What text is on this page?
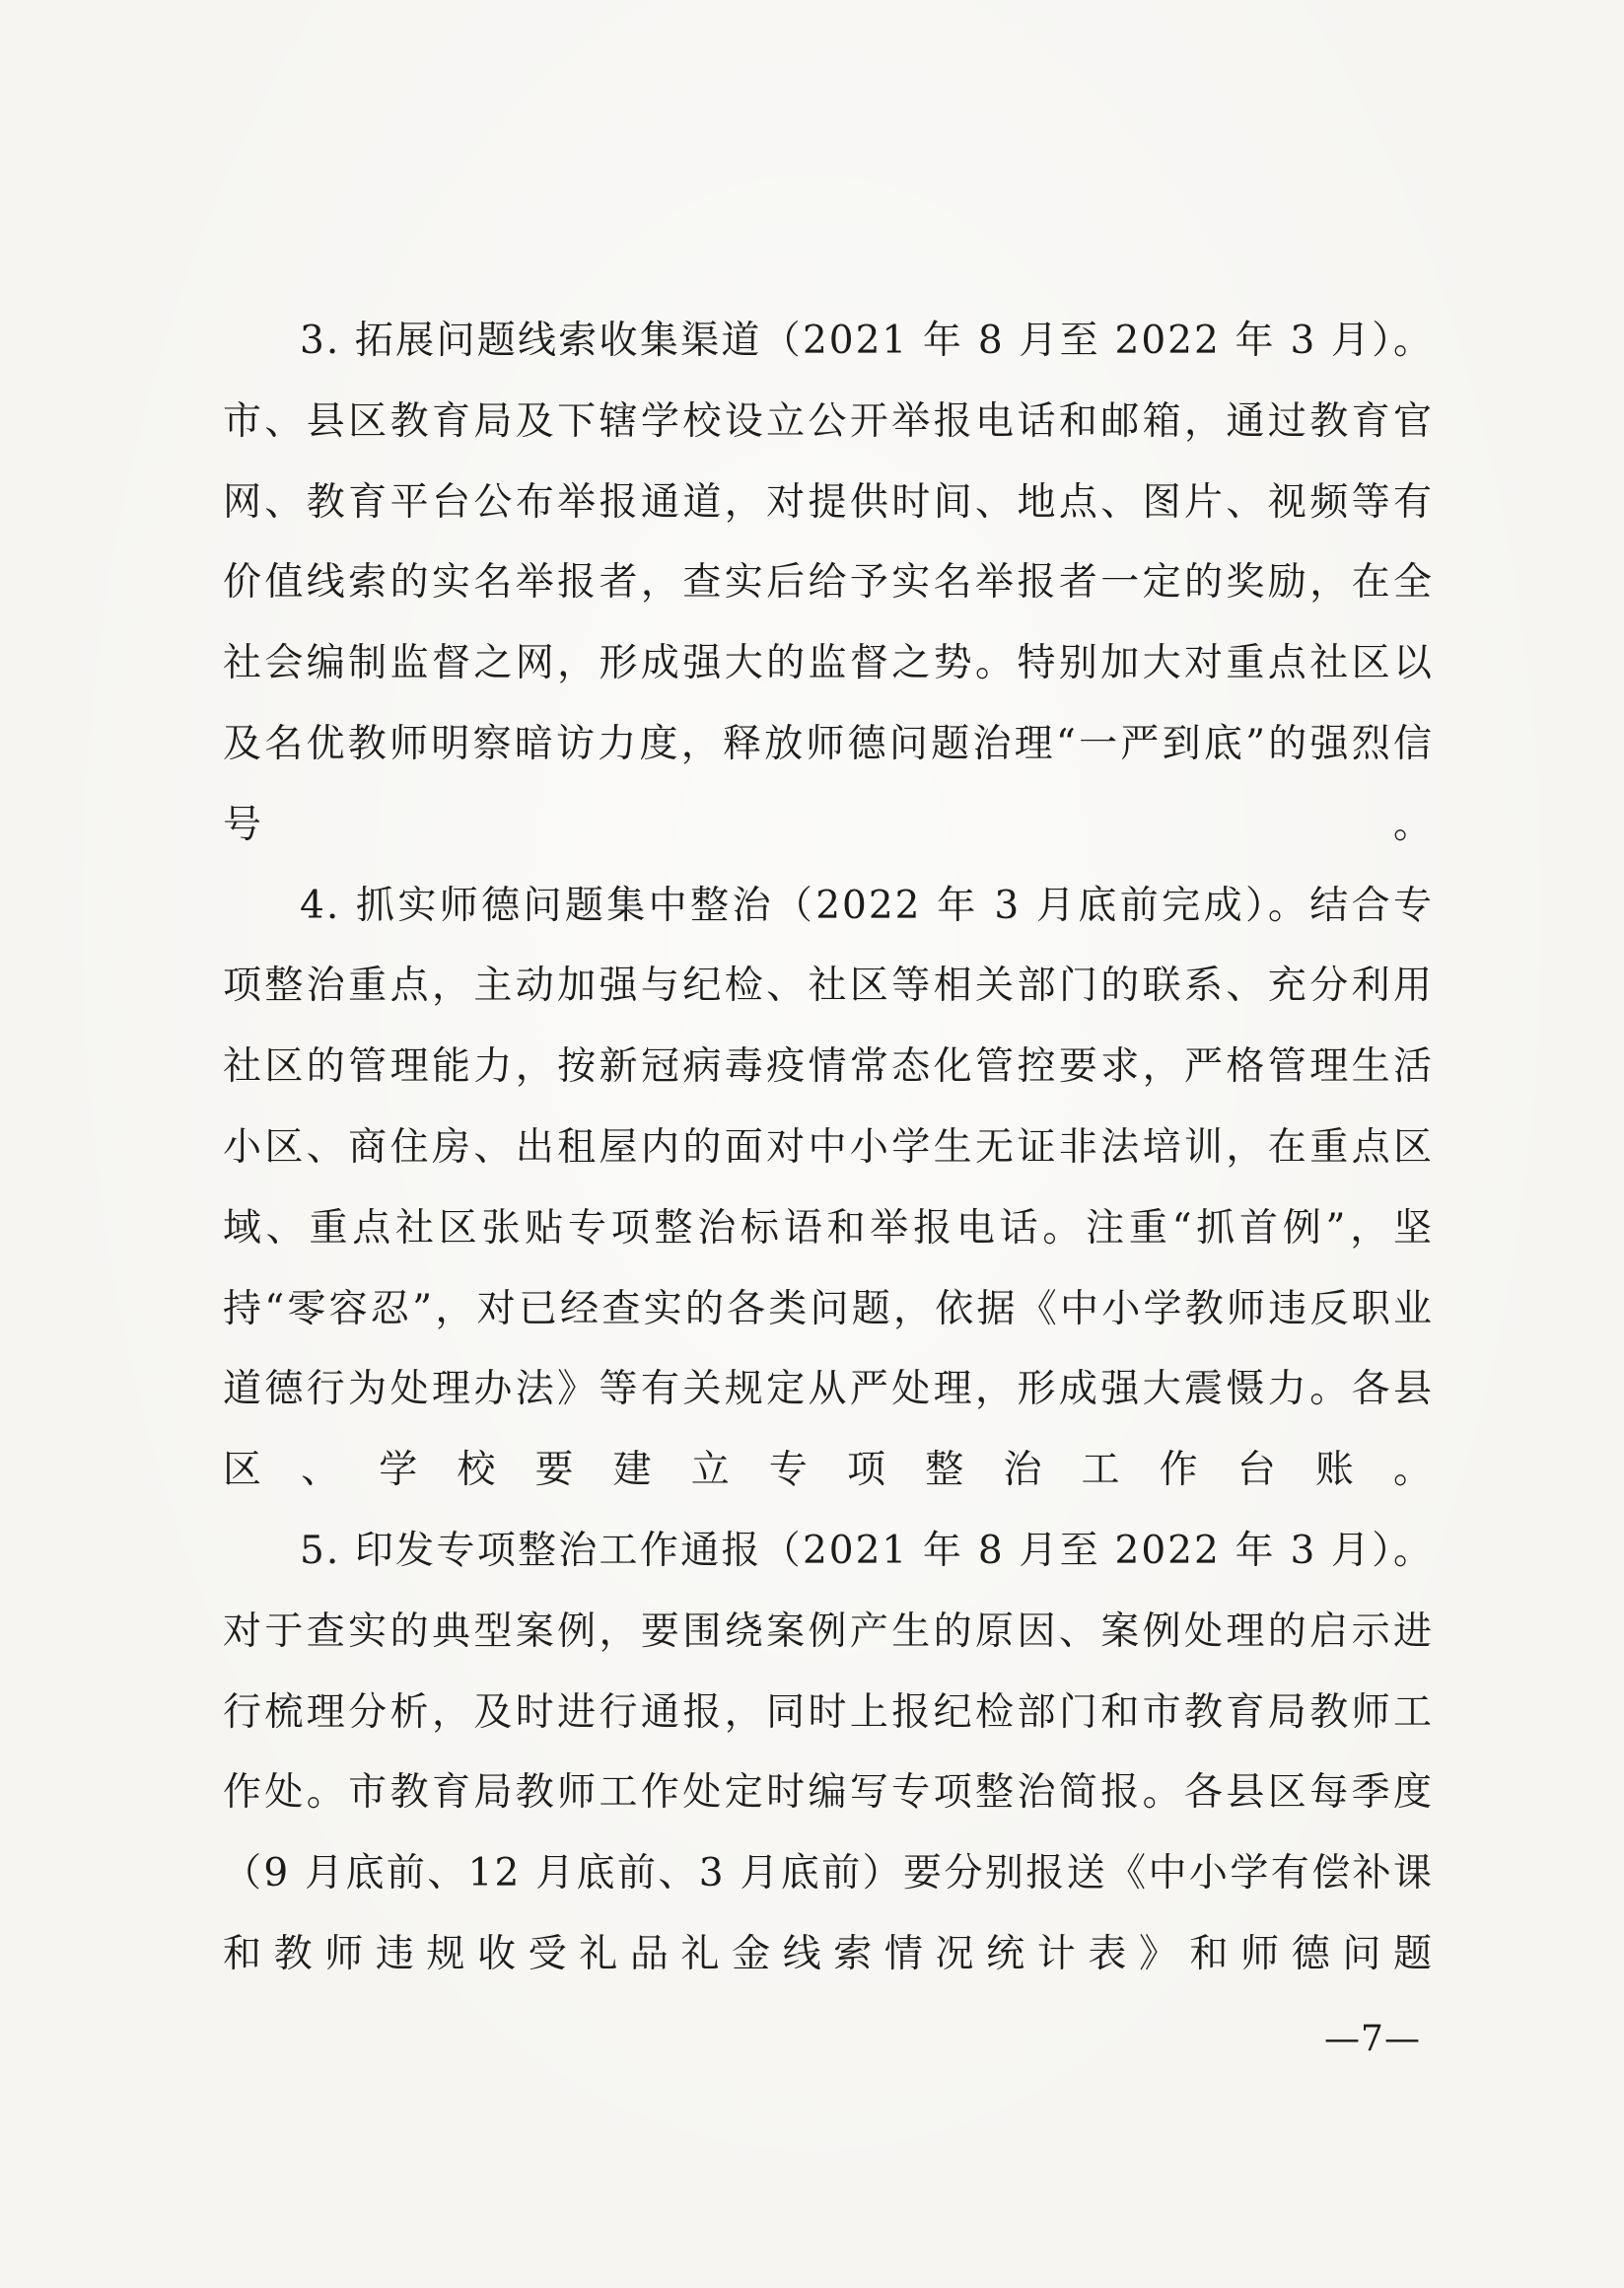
3. 拓展问题线索收集渠道（2021 年 8 月至 2022 年 3 月）。市、县区教育局及下辖学校设立公开举报电话和邮箱，通过教育官网、教育平台公布举报通道，对提供时间、地点、图片、视频等有价值线索的实名举报者，查实后给予实名举报者一定的奖励，在全社会编制监督之网，形成强大的监督之势。特别加大对重点社区以及名优教师明察暗访力度，释放师德问题治理“一严到底”的强烈信号。

4. 抓实师德问题集中整治（2022 年 3 月底前完成）。结合专项整治重点，主动加强与纪检、社区等相关部门的联系、充分利用社区的管理能力，按新冠病毒疫情常态化管控要求，严格管理生活小区、商住房、出租屋内的面对中小学生无证非法培训，在重点区域、重点社区张贴专项整治标语和举报电话。注重“抓首例”，坚持“零容忍”，对已经查实的各类问题，依据《中小学教师违反职业道德行为处理办法》等有关规定从严处理，形成强大震慑力。各县区、学校要建立专项整治工作台账。

5. 印发专项整治工作通报（2021 年 8 月至 2022 年 3 月）。对于查实的典型案例，要围绕案例产生的原因、案例处理的启示进行梳理分析，及时进行通报，同时上报纪检部门和市教育局教师工作处。市教育局教师工作处定时编写专项整治简报。各县区每季度（9 月底前、12 月底前、3 月底前）要分别报送《中小学有偿补课和教师违规收受礼品礼金线索情况统计表》和师德问题

—7—
